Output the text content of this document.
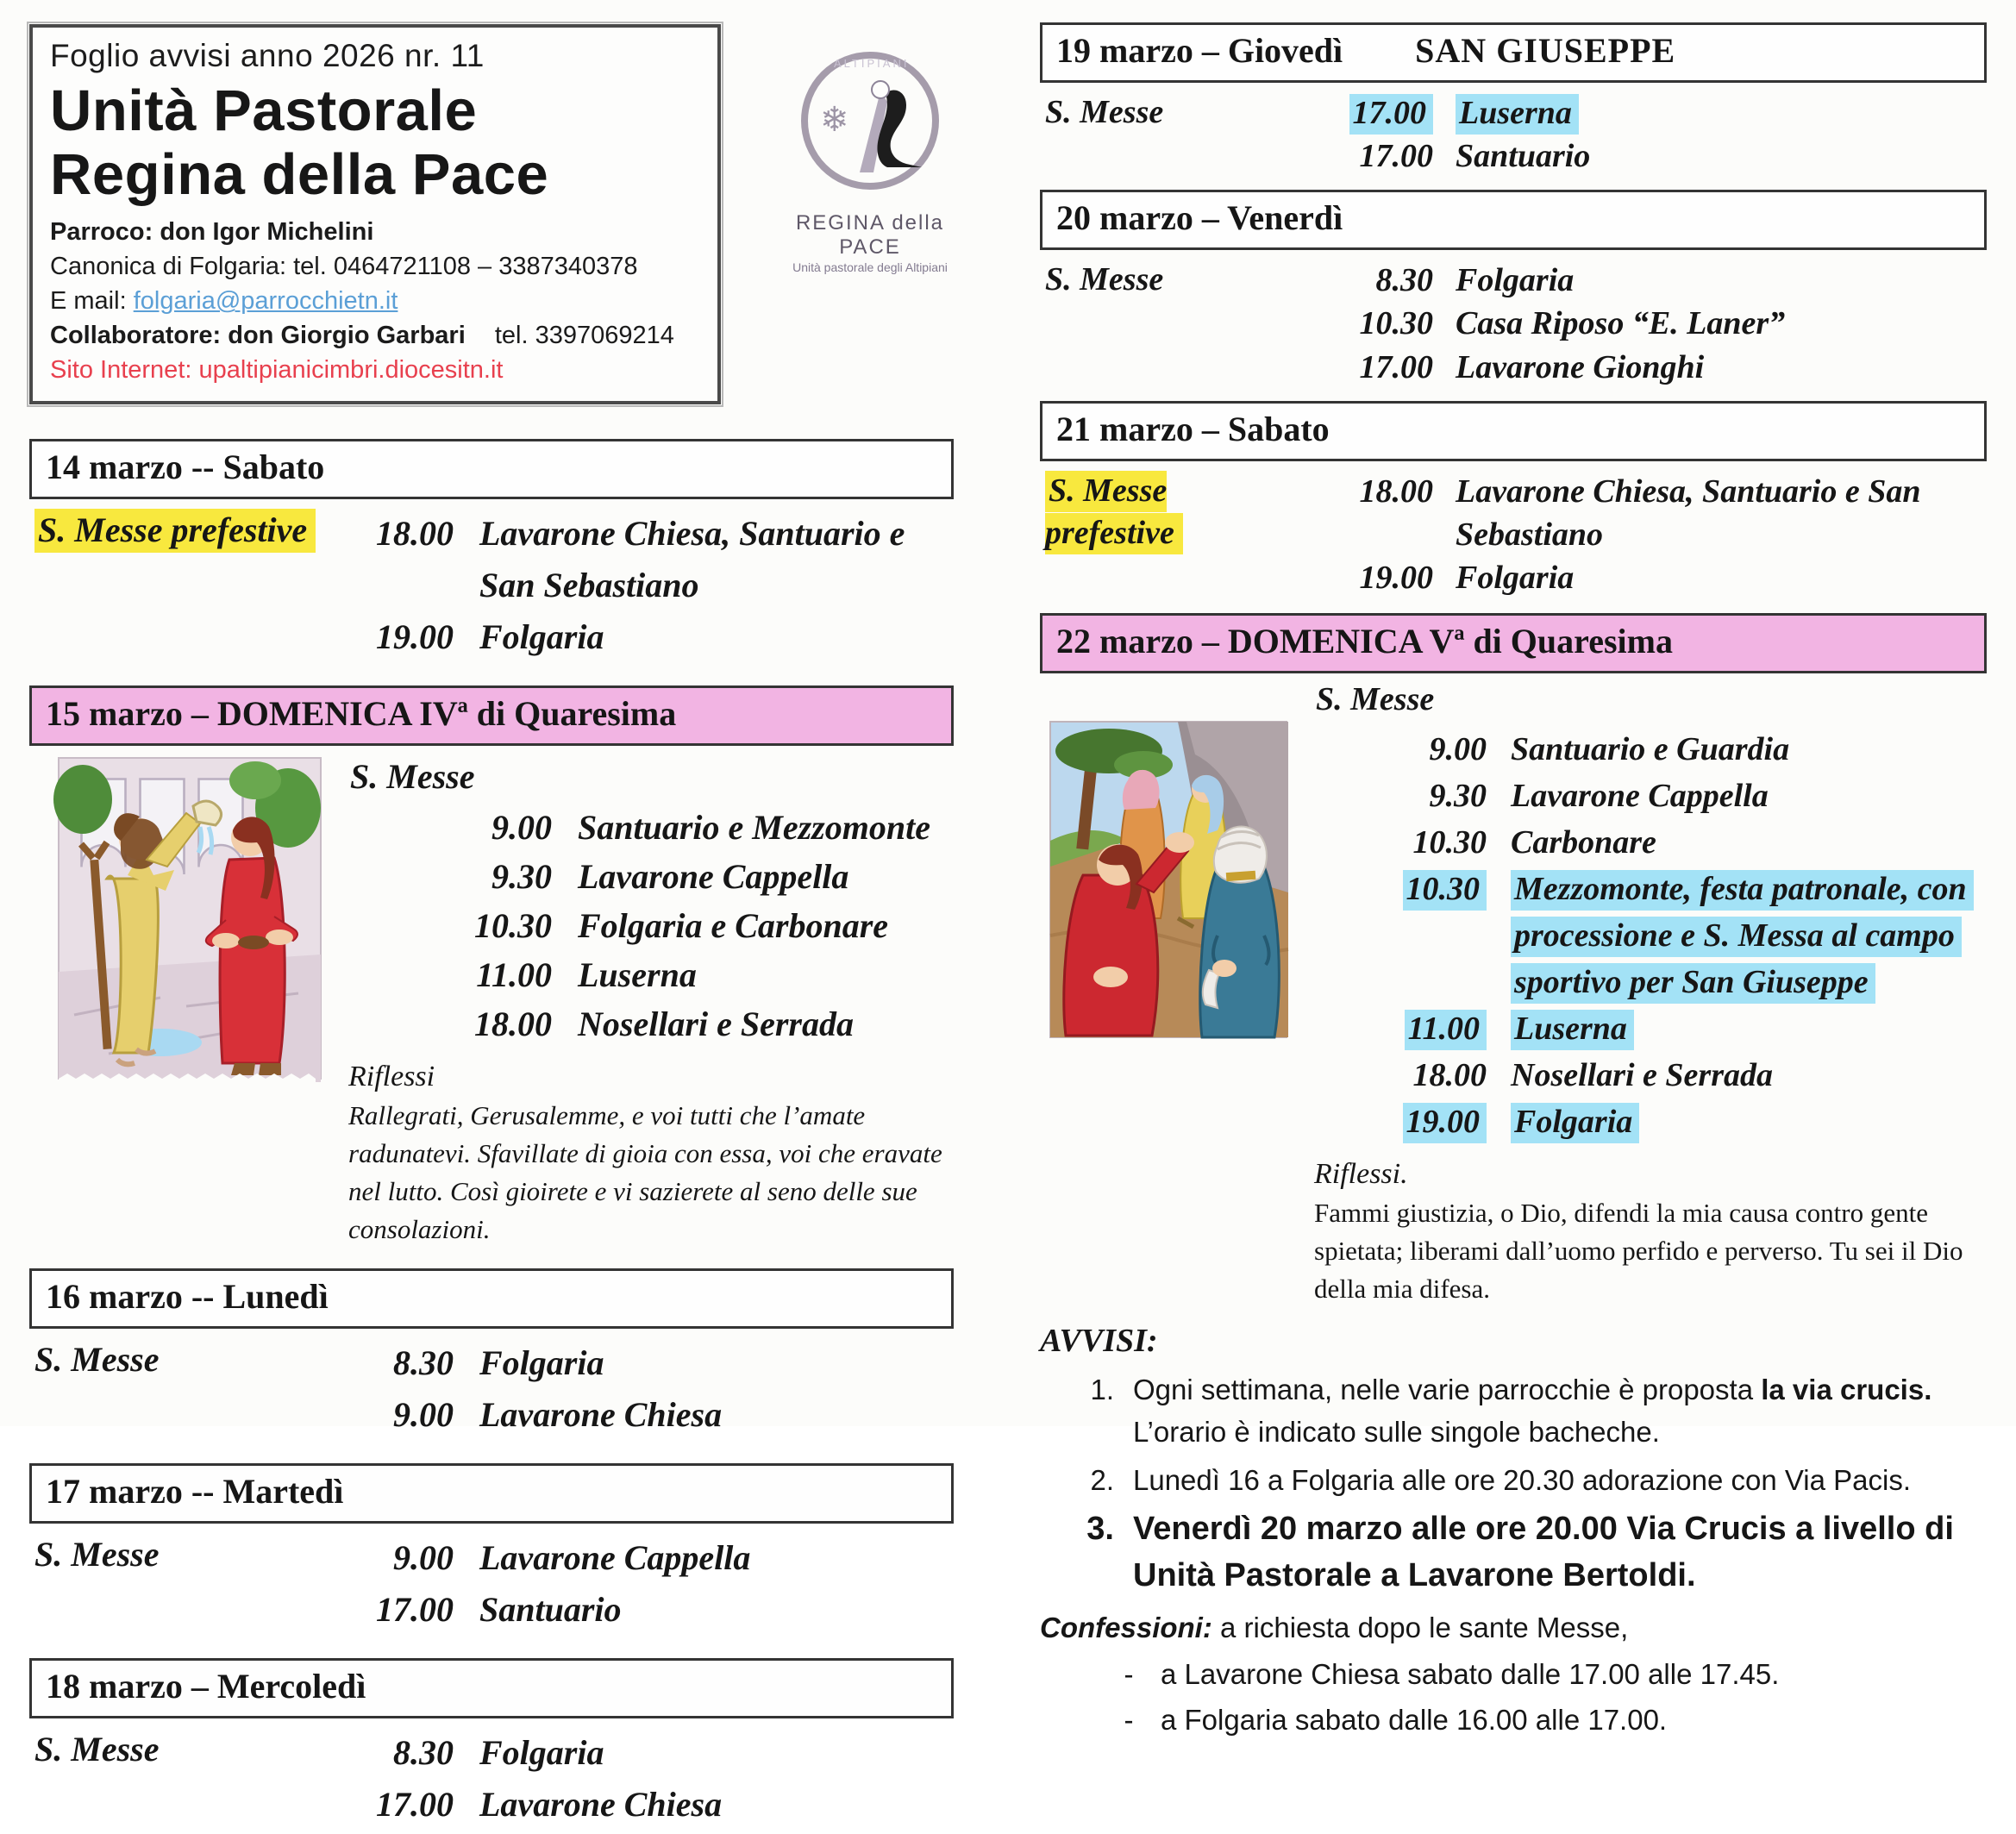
Foglio avvisi anno 2026 nr. 11
Unità Pastorale
Regina della Pace
Parroco: don Igor Michelini
Canonica di Folgaria: tel. 0464721108 – 3387340378
E mail: folgaria@parrocchietn.it
Collaboratore: don Giorgio Garbari tel. 3397069214
Sito Internet: upaltipianicimbri.diocesitn.it
❄
ALTIPIANI
REGINA della PACE
Unità pastorale degli Altipiani
14 marzo -- Sabato
S. Messe prefestive	18.00 Lavarone Chiesa, Santuario e San Sebastiano
19.00 Folgaria
15 marzo – DOMENICA IVª di Quaresima
S. Messe
9.00 Santuario e Mezzomonte
9.30 Lavarone Cappella
10.30 Folgaria e Carbonare
11.00 Luserna
18.00 Nosellari e Serrada
Riflessi
Rallegrati, Gerusalemme, e voi tutti che l’amate radunatevi. Sfavillate di gioia con essa, voi che eravate nel lutto. Così gioirete e vi sazierete al seno delle sue consolazioni.
16 marzo -- Lunedì
S. Messe	8.30 Folgaria
9.00 Lavarone Chiesa
17 marzo -- Martedì
S. Messe	9.00 Lavarone Cappella
17.00 Santuario
18 marzo – Mercoledì
S. Messe	8.30 Folgaria
17.00 Lavarone Chiesa
19 marzo – Giovedì SAN GIUSEPPE
S. Messe	17.00 Luserna
17.00 Santuario
20 marzo – Venerdì
S. Messe	8.30 Folgaria
10.30 Casa Riposo “E. Laner”
17.00 Lavarone Gionghi
21 marzo – Sabato
S. Messe prefestive
18.00 Lavarone Chiesa, Santuario e San Sebastiano
19.00 Folgaria
22 marzo – DOMENICA Vª di Quaresima
S. Messe
9.00 Santuario e Guardia
9.30 Lavarone Cappella
10.30 Carbonare
10.30 Mezzomonte, festa patronale, con processione e S. Messa al campo sportivo per San Giuseppe
11.00 Luserna
18.00 Nosellari e Serrada
19.00 Folgaria
Riflessi.
Fammi giustizia, o Dio, difendi la mia causa contro gente spietata; liberami dall’uomo perfido e perverso. Tu sei il Dio della mia difesa.
AVVISI:
1. Ogni settimana, nelle varie parrocchie è proposta la via crucis.
L’orario è indicato sulle singole bacheche.
2. Lunedì 16 a Folgaria alle ore 20.30 adorazione con Via Pacis.
3. Venerdì 20 marzo alle ore 20.00 Via Crucis a livello di Unità Pastorale a Lavarone Bertoldi.
Confessioni: a richiesta dopo le sante Messe,
- a Lavarone Chiesa sabato dalle 17.00 alle 17.45.
- a Folgaria sabato dalle 16.00 alle 17.00.
